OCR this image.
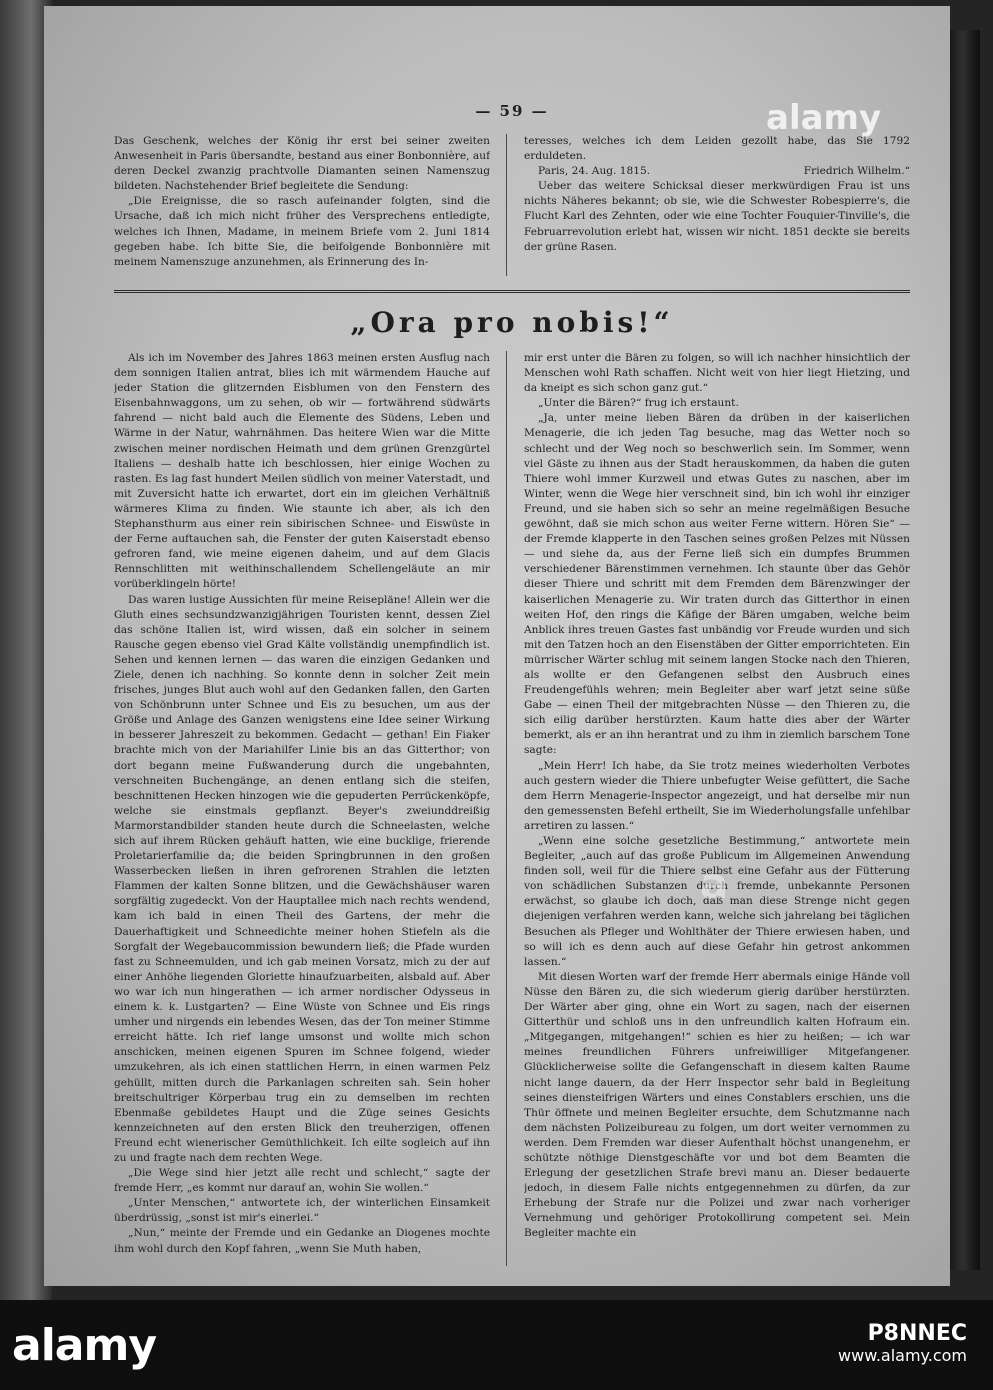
— 59 —

Das Geschenk, welches der König ihr erst bei seiner zweiten Anwesenheit in Paris übersandte, bestand aus einer Bonbonnière, auf deren Deckel zwanzig prachtvolle Diamanten seinen Namenszug bildeten. Nachstehender Brief begleitete die Sendung:

„Die Ereignisse, die so rasch aufeinander folgten, sind die Ursache, daß ich mich nicht früher des Versprechens entledigte, welches ich Ihnen, Madame, in meinem Briefe vom 2. Juni 1814 gegeben habe. Ich bitte Sie, die beifolgende Bonbonnière mit meinem Namenszuge anzunehmen, als Erinnerung des In-

teresses, welches ich dem Leiden gezollt habe, das Sie 1792 erduldeten.

Paris, 24. Aug. 1815.	Friedrich Wilhelm.“

Ueber das weitere Schicksal dieser merkwürdigen Frau ist uns nichts Näheres bekannt; ob sie, wie die Schwester Robespierre's, die Flucht Karl des Zehnten, oder wie eine Tochter Fouquier-Tinville's, die Februarrevolution erlebt hat, wissen wir nicht. 1851 deckte sie bereits der grüne Rasen.

„Ora pro nobis!“

Als ich im November des Jahres 1863 meinen ersten Ausflug nach dem sonnigen Italien antrat, blies ich mit wärmendem Hauche auf jeder Station die glitzernden Eisblumen von den Fenstern des Eisenbahnwaggons, um zu sehen, ob wir — fortwährend südwärts fahrend — nicht bald auch die Elemente des Südens, Leben und Wärme in der Natur, wahrnähmen. Das heitere Wien war die Mitte zwischen meiner nordischen Heimath und dem grünen Grenzgürtel Italiens — deshalb hatte ich beschlossen, hier einige Wochen zu rasten. Es lag fast hundert Meilen südlich von meiner Vaterstadt, und mit Zuversicht hatte ich erwartet, dort ein im gleichen Verhältniß wärmeres Klima zu finden. Wie staunte ich aber, als ich den Stephansthurm aus einer rein sibirischen Schnee- und Eiswüste in der Ferne auftauchen sah, die Fenster der guten Kaiserstadt ebenso gefroren fand, wie meine eigenen daheim, und auf dem Glacis Rennschlitten mit weithinschallendem Schellengeläute an mir vorüberklingeln hörte!

Das waren lustige Aussichten für meine Reisepläne! Allein wer die Gluth eines sechsundzwanzigjährigen Touristen kennt, dessen Ziel das schöne Italien ist, wird wissen, daß ein solcher in seinem Rausche gegen ebenso viel Grad Kälte vollständig unempfindlich ist. Sehen und kennen lernen — das waren die einzigen Gedanken und Ziele, denen ich nachhing. So konnte denn in solcher Zeit mein frisches, junges Blut auch wohl auf den Gedanken fallen, den Garten von Schönbrunn unter Schnee und Eis zu besuchen, um aus der Größe und Anlage des Ganzen wenigstens eine Idee seiner Wirkung in besserer Jahreszeit zu bekommen. Gedacht — gethan! Ein Fiaker brachte mich von der Mariahilfer Linie bis an das Gitterthor; von dort begann meine Fußwanderung durch die ungebahnten, verschneiten Buchengänge, an denen entlang sich die steifen, beschnittenen Hecken hinzogen wie die gepuderten Perrückenköpfe, welche sie einstmals gepflanzt. Beyer's zweiunddreißig Marmorstandbilder standen heute durch die Schneelasten, welche sich auf ihrem Rücken gehäuft hatten, wie eine bucklige, frierende Proletarierfamilie da; die beiden Springbrunnen in den großen Wasserbecken ließen in ihren gefrorenen Strahlen die letzten Flammen der kalten Sonne blitzen, und die Gewächshäuser waren sorgfältig zugedeckt. Von der Hauptallee mich nach rechts wendend, kam ich bald in einen Theil des Gartens, der mehr die Dauerhaftigkeit und Schneedichte meiner hohen Stiefeln als die Sorgfalt der Wegebaucommission bewundern ließ; die Pfade wurden fast zu Schneemulden, und ich gab meinen Vorsatz, mich zu der auf einer Anhöhe liegenden Gloriette hinaufzuarbeiten, alsbald auf. Aber wo war ich nun hingerathen — ich armer nordischer Odysseus in einem k. k. Lustgarten? — Eine Wüste von Schnee und Eis rings umher und nirgends ein lebendes Wesen, das der Ton meiner Stimme erreicht hätte. Ich rief lange umsonst und wollte mich schon anschicken, meinen eigenen Spuren im Schnee folgend, wieder umzukehren, als ich einen stattlichen Herrn, in einen warmen Pelz gehüllt, mitten durch die Parkanlagen schreiten sah. Sein hoher breitschultriger Körperbau trug ein zu demselben im rechten Ebenmaße gebildetes Haupt und die Züge seines Gesichts kennzeichneten auf den ersten Blick den treuherzigen, offenen Freund echt wienerischer Gemüthlichkeit. Ich eilte sogleich auf ihn zu und fragte nach dem rechten Wege.

„Die Wege sind hier jetzt alle recht und schlecht,“ sagte der fremde Herr, „es kommt nur darauf an, wohin Sie wollen.“

„Unter Menschen,“ antwortete ich, der winterlichen Einsamkeit überdrüssig, „sonst ist mir's einerlei.“

„Nun,“ meinte der Fremde und ein Gedanke an Diogenes mochte ihm wohl durch den Kopf fahren, „wenn Sie Muth haben,

mir erst unter die Bären zu folgen, so will ich nachher hinsichtlich der Menschen wohl Rath schaffen. Nicht weit von hier liegt Hietzing, und da kneipt es sich schon ganz gut.“

„Unter die Bären?“ frug ich erstaunt.

„Ja, unter meine lieben Bären da drüben in der kaiserlichen Menagerie, die ich jeden Tag besuche, mag das Wetter noch so schlecht und der Weg noch so beschwerlich sein. Im Sommer, wenn viel Gäste zu ihnen aus der Stadt herauskommen, da haben die guten Thiere wohl immer Kurzweil und etwas Gutes zu naschen, aber im Winter, wenn die Wege hier verschneit sind, bin ich wohl ihr einziger Freund, und sie haben sich so sehr an meine regelmäßigen Besuche gewöhnt, daß sie mich schon aus weiter Ferne wittern. Hören Sie“ — der Fremde klapperte in den Taschen seines großen Pelzes mit Nüssen — und siehe da, aus der Ferne ließ sich ein dumpfes Brummen verschiedener Bärenstimmen vernehmen. Ich staunte über das Gehör dieser Thiere und schritt mit dem Fremden dem Bärenzwinger der kaiserlichen Menagerie zu. Wir traten durch das Gitterthor in einen weiten Hof, den rings die Käfige der Bären umgaben, welche beim Anblick ihres treuen Gastes fast unbändig vor Freude wurden und sich mit den Tatzen hoch an den Eisenstäben der Gitter emporrichteten. Ein mürrischer Wärter schlug mit seinem langen Stocke nach den Thieren, als wollte er den Gefangenen selbst den Ausbruch eines Freudengefühls wehren; mein Begleiter aber warf jetzt seine süße Gabe — einen Theil der mitgebrachten Nüsse — den Thieren zu, die sich eilig darüber herstürzten. Kaum hatte dies aber der Wärter bemerkt, als er an ihn herantrat und zu ihm in ziemlich barschem Tone sagte:

„Mein Herr! Ich habe, da Sie trotz meines wiederholten Verbotes auch gestern wieder die Thiere unbefugter Weise gefüttert, die Sache dem Herrn Menagerie-Inspector angezeigt, und hat derselbe mir nun den gemessensten Befehl ertheilt, Sie im Wiederholungsfalle unfehlbar arretiren zu lassen.“

„Wenn eine solche gesetzliche Bestimmung,“ antwortete mein Begleiter, „auch auf das große Publicum im Allgemeinen Anwendung finden soll, weil für die Thiere selbst eine Gefahr aus der Fütterung von schädlichen Substanzen durch fremde, unbekannte Personen erwächst, so glaube ich doch, daß man diese Strenge nicht gegen diejenigen verfahren werden kann, welche sich jahrelang bei täglichen Besuchen als Pfleger und Wohlthäter der Thiere erwiesen haben, und so will ich es denn auch auf diese Gefahr hin getrost ankommen lassen.“

Mit diesen Worten warf der fremde Herr abermals einige Hände voll Nüsse den Bären zu, die sich wiederum gierig darüber herstürzten. Der Wärter aber ging, ohne ein Wort zu sagen, nach der eisernen Gitterthür und schloß uns in den unfreundlich kalten Hofraum ein. „Mitgegangen, mitgehangen!“ schien es hier zu heißen; — ich war meines freundlichen Führers unfreiwilliger Mitgefangener. Glücklicherweise sollte die Gefangenschaft in diesem kalten Raume nicht lange dauern, da der Herr Inspector sehr bald in Begleitung seines diensteifrigen Wärters und eines Constablers erschien, uns die Thür öffnete und meinen Begleiter ersuchte, dem Schutzmanne nach dem nächsten Polizeibureau zu folgen, um dort weiter vernommen zu werden. Dem Fremden war dieser Aufenthalt höchst unangenehm, er schützte nöthige Dienstgeschäfte vor und bot dem Beamten die Erlegung der gesetzlichen Strafe brevi manu an. Dieser bedauerte jedoch, in diesem Falle nichts entgegennehmen zu dürfen, da zur Erhebung der Strafe nur die Polizei und zwar nach vorheriger Vernehmung und gehöriger Protokollirung competent sei. Mein Begleiter machte ein

alamy
a
alamy	P8NNEC
www.alamy.com
